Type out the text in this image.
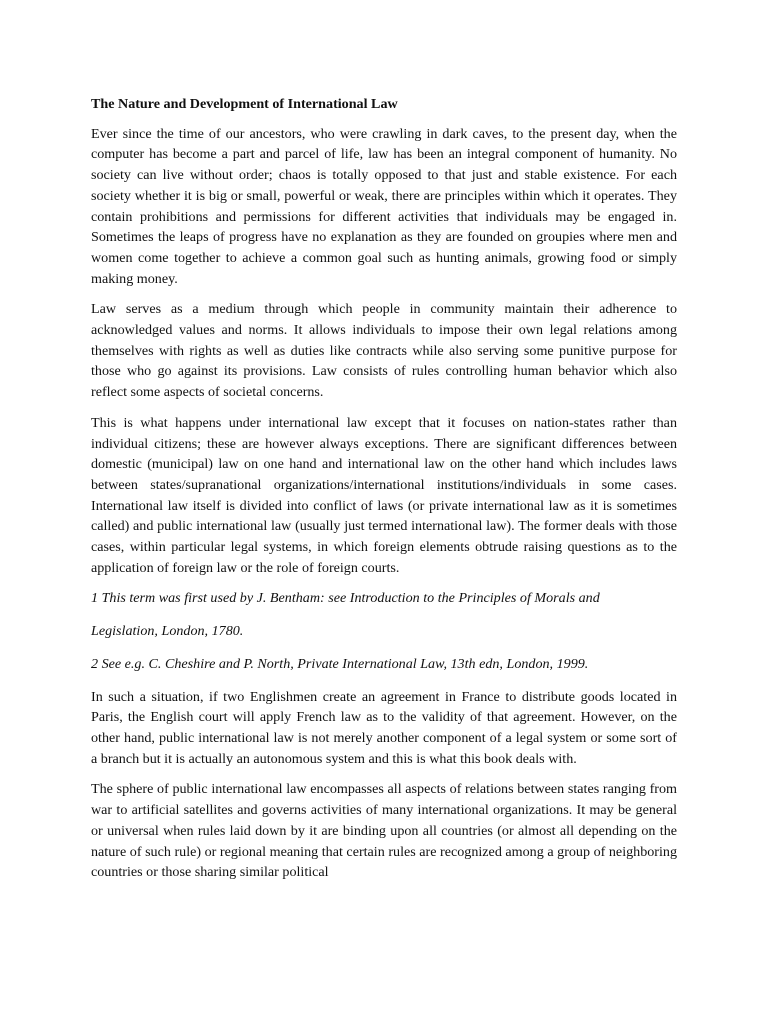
The Nature and Development of International Law

Ever since the time of our ancestors, who were crawling in dark caves, to the present day, when the computer has become a part and parcel of life, law has been an integral component of humanity. No society can live without order; chaos is totally opposed to that just and stable existence. For each society whether it is big or small, powerful or weak, there are principles within which it operates. They contain prohibitions and permissions for different activities that individuals may be engaged in. Sometimes the leaps of progress have no explanation as they are founded on groupies where men and women come together to achieve a common goal such as hunting animals, growing food or simply making money.

Law serves as a medium through which people in community maintain their adherence to acknowledged values and norms. It allows individuals to impose their own legal relations among themselves with rights as well as duties like contracts while also serving some punitive purpose for those who go against its provisions. Law consists of rules controlling human behavior which also reflect some aspects of societal concerns.

This is what happens under international law except that it focuses on nation-states rather than individual citizens; these are however always exceptions. There are significant differences between domestic (municipal) law on one hand and international law on the other hand which includes laws between states/supranational organizations/international institutions/individuals in some cases. International law itself is divided into conflict of laws (or private international law as it is sometimes called) and public international law (usually just termed international law). The former deals with those cases, within particular legal systems, in which foreign elements obtrude raising questions as to the application of foreign law or the role of foreign courts.

1 This term was first used by J. Bentham: see Introduction to the Principles of Morals and

Legislation, London, 1780.

2 See e.g. C. Cheshire and P. North, Private International Law, 13th edn, London, 1999.

In such a situation, if two Englishmen create an agreement in France to distribute goods located in Paris, the English court will apply French law as to the validity of that agreement. However, on the other hand, public international law is not merely another component of a legal system or some sort of a branch but it is actually an autonomous system and this is what this book deals with.

The sphere of public international law encompasses all aspects of relations between states ranging from war to artificial satellites and governs activities of many international organizations. It may be general or universal when rules laid down by it are binding upon all countries (or almost all depending on the nature of such rule) or regional meaning that certain rules are recognized among a group of neighboring countries or those sharing similar political
